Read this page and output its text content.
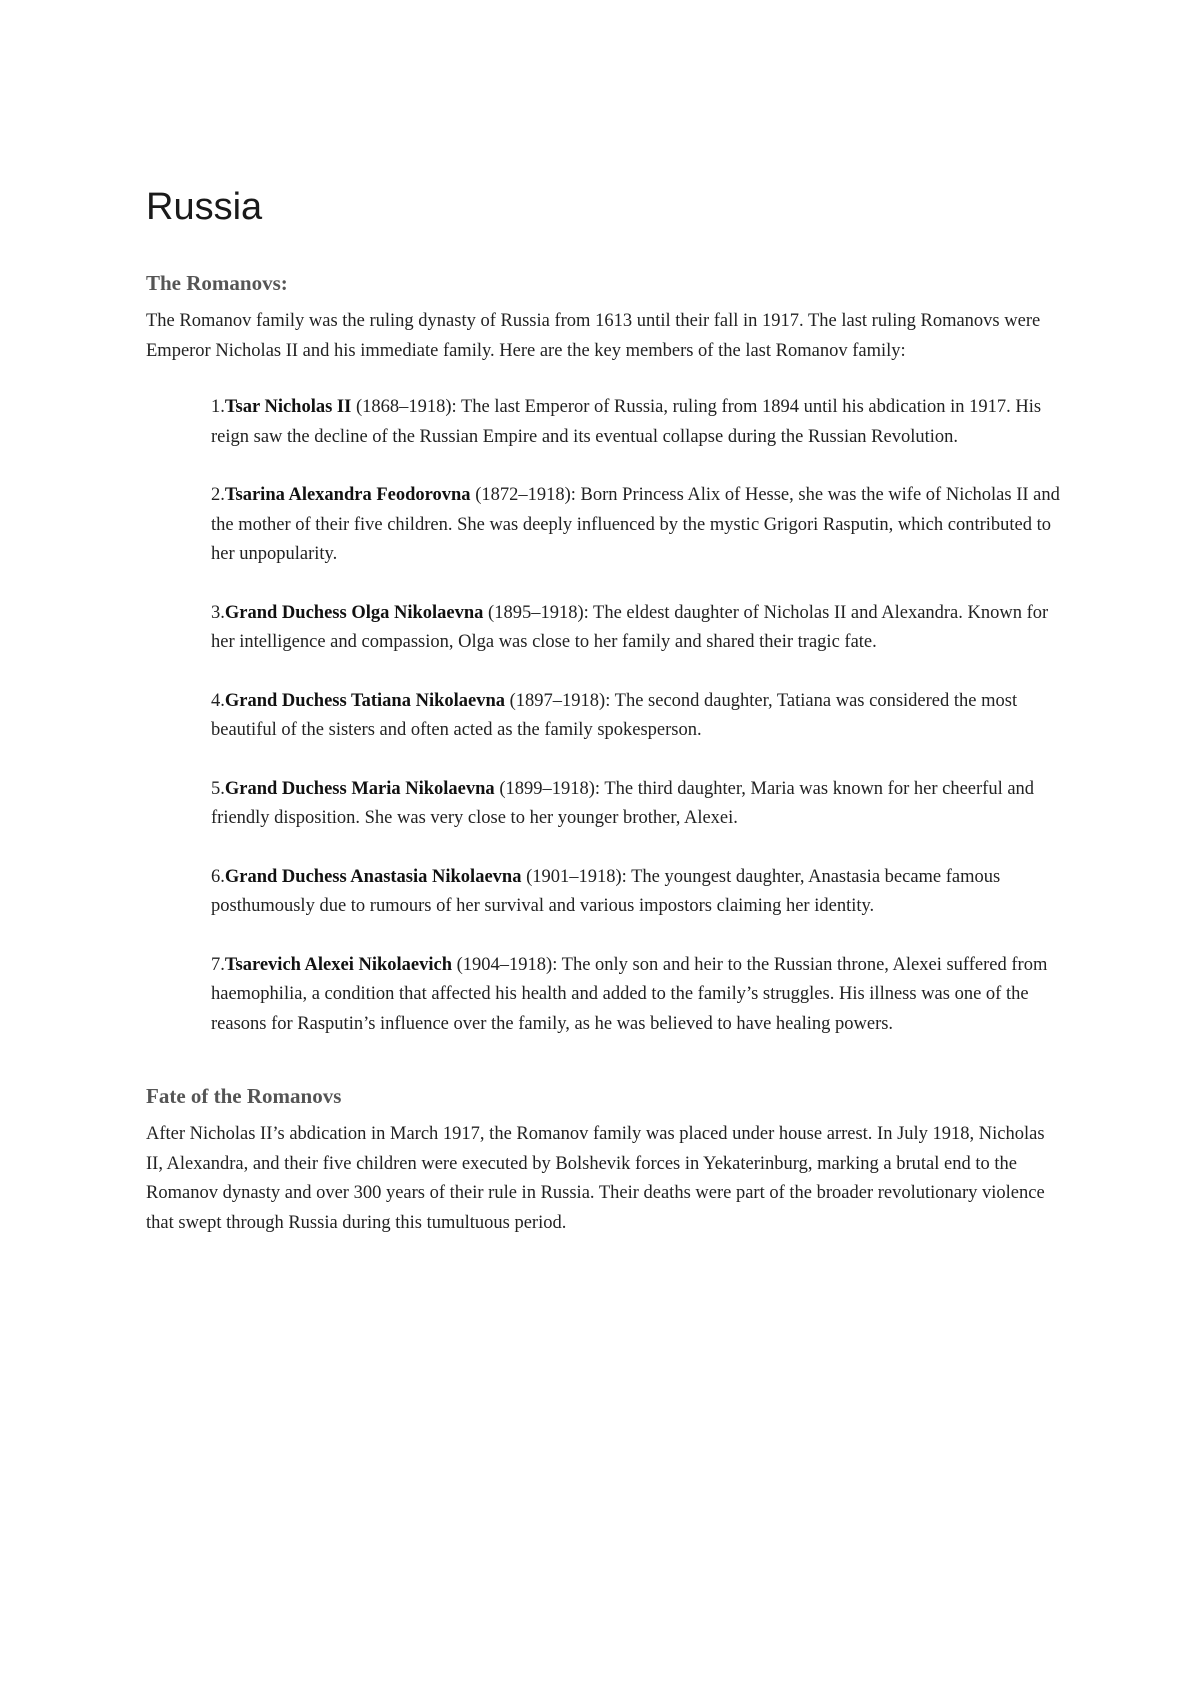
Russia
The Romanovs:

The Romanov family was the ruling dynasty of Russia from 1613 until their fall in 1917. The last ruling Romanovs were Emperor Nicholas II and his immediate family. Here are the key members of the last Romanov family:

1.Tsar Nicholas II (1868–1918): The last Emperor of Russia, ruling from 1894 until his abdication in 1917. His reign saw the decline of the Russian Empire and its eventual collapse during the Russian Revolution.
2.Tsarina Alexandra Feodorovna (1872–1918): Born Princess Alix of Hesse, she was the wife of Nicholas II and the mother of their five children. She was deeply influenced by the mystic Grigori Rasputin, which contributed to her unpopularity.
3.Grand Duchess Olga Nikolaevna (1895–1918): The eldest daughter of Nicholas II and Alexandra. Known for her intelligence and compassion, Olga was close to her family and shared their tragic fate.
4.Grand Duchess Tatiana Nikolaevna (1897–1918): The second daughter, Tatiana was considered the most beautiful of the sisters and often acted as the family spokesperson.
5.Grand Duchess Maria Nikolaevna (1899–1918): The third daughter, Maria was known for her cheerful and friendly disposition. She was very close to her younger brother, Alexei.
6.Grand Duchess Anastasia Nikolaevna (1901–1918): The youngest daughter, Anastasia became famous posthumously due to rumours of her survival and various impostors claiming her identity.
7.Tsarevich Alexei Nikolaevich (1904–1918): The only son and heir to the Russian throne, Alexei suffered from haemophilia, a condition that affected his health and added to the family’s struggles. His illness was one of the reasons for Rasputin’s influence over the family, as he was believed to have healing powers.
Fate of the Romanovs

After Nicholas II’s abdication in March 1917, the Romanov family was placed under house arrest. In July 1918, Nicholas II, Alexandra, and their five children were executed by Bolshevik forces in Yekaterinburg, marking a brutal end to the Romanov dynasty and over 300 years of their rule in Russia. Their deaths were part of the broader revolutionary violence that swept through Russia during this tumultuous period.
